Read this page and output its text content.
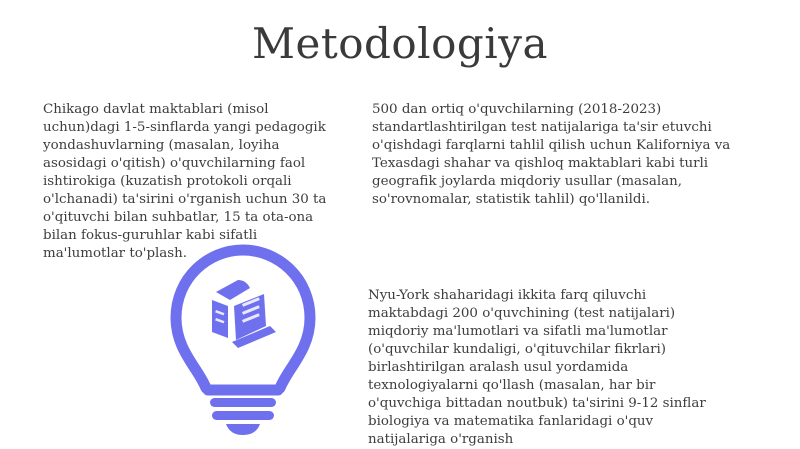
Metodologiya
Chikago davlat maktablari (misol uchun)dagi 1-5-sinflarda yangi pedagogik yondashuvlarning (masalan, loyiha asosidagi o'qitish) o'quvchilarning faol ishtirokiga (kuzatish protokoli orqali o'lchanadi) ta'sirini o'rganish uchun 30 ta o'qituvchi bilan suhbatlar, 15 ta ota-ona bilan fokus-guruhlar kabi sifatli ma'lumotlar to'plash.
500 dan ortiq o'quvchilarning (2018-2023) standartlashtirilgan test natijalariga ta'sir etuvchi o'qishdagi farqlarni tahlil qilish uchun Kaliforniya va Texasdagi shahar va qishloq maktablari kabi turli geografik joylarda miqdoriy usullar (masalan, so'rovnomalar, statistik tahlil) qo'llanildi.
Nyu-York shaharidagi ikkita farq qiluvchi maktabdagi 200 o'quvchining (test natijalari) miqdoriy ma'lumotlari va sifatli ma'lumotlar (o'quvchilar kundaligi, o'qituvchilar fikrlari) birlashtirilgan aralash usul yordamida texnologiyalarni qo'llash (masalan, har bir o'quvchiga bittadan noutbuk) ta'sirini 9-12 sinflar biologiya va matematika fanlaridagi o'quv natijalariga o'rganish
